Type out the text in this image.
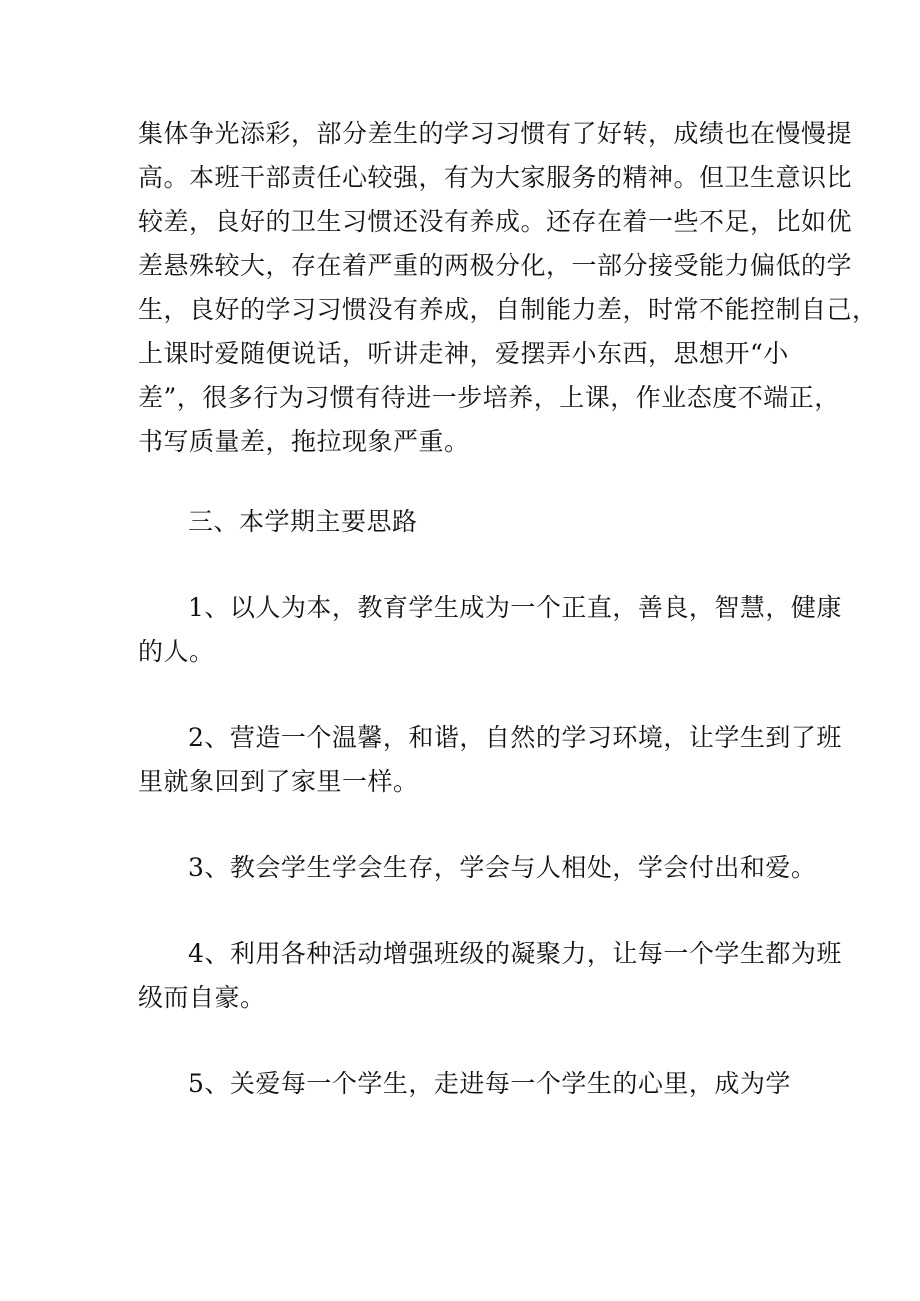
集体争光添彩，部分差生的学习习惯有了好转，成绩也在慢慢提
高。本班干部责任心较强，有为大家服务的精神。但卫生意识比
较差，良好的卫生习惯还没有养成。还存在着一些不足，比如优
差悬殊较大，存在着严重的两极分化，一部分接受能力偏低的学
生，良好的学习习惯没有养成，自制能力差，时常不能控制自己，
上课时爱随便说话，听讲走神，爱摆弄小东西，思想开“小
差”，很多行为习惯有待进一步培养，上课，作业态度不端正，
书写质量差，拖拉现象严重。
三、本学期主要思路
1、以人为本，教育学生成为一个正直，善良，智慧，健康
的人。
2、营造一个温馨，和谐，自然的学习环境，让学生到了班
里就象回到了家里一样。
3、教会学生学会生存，学会与人相处，学会付出和爱。
4、利用各种活动增强班级的凝聚力，让每一个学生都为班
级而自豪。
5、关爱每一个学生，走进每一个学生的心里，成为学
